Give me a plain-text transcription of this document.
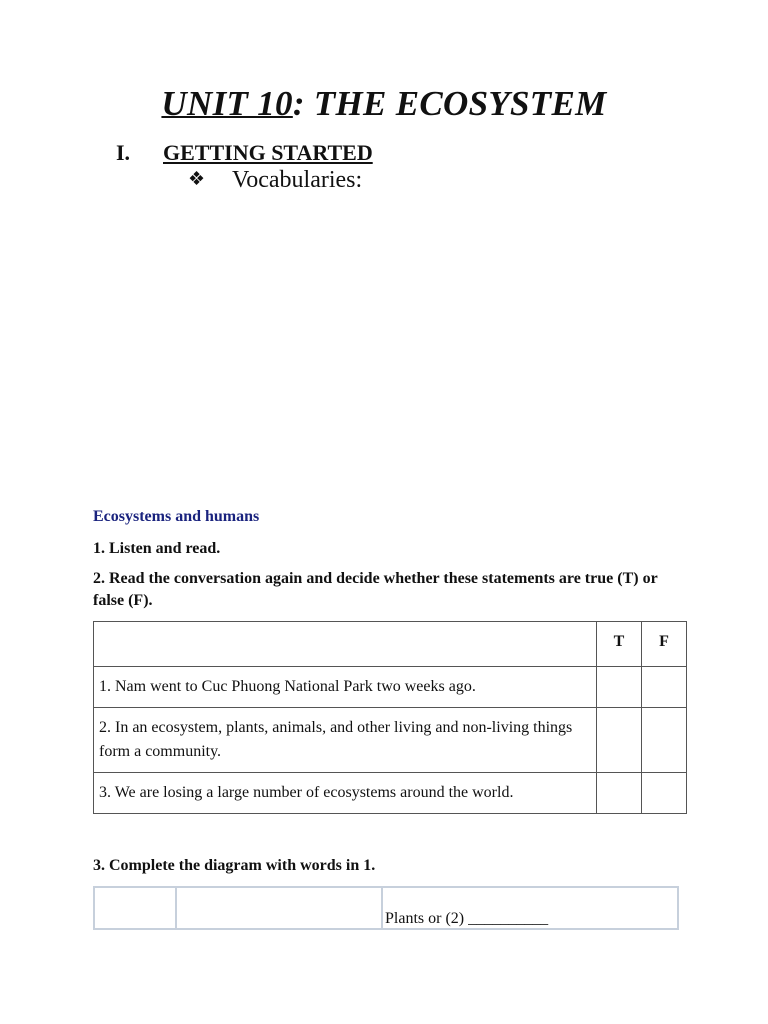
UNIT 10: THE ECOSYSTEM
I. GETTING STARTED
❖ Vocabularies:
Ecosystems and humans
1. Listen and read.
2. Read the conversation again and decide whether these statements are true (T) or false (F).
	T	F
1. Nam went to Cuc Phuong National Park two weeks ago.		
2. In an ecosystem, plants, animals, and other living and non-living things form a community.		
3. We are losing a large number of ecosystems around the world.		
3. Complete the diagram with words in 1.
		Plants or (2) __________
